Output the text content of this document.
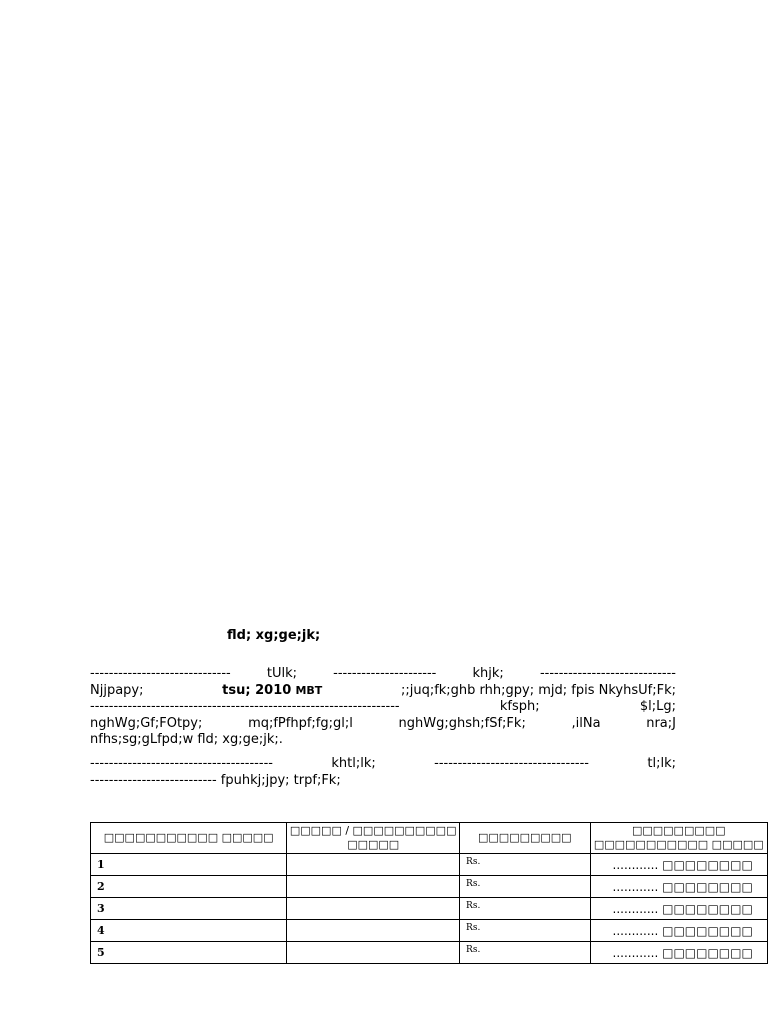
fld; xg;ge;jk;
------------------------------	tUlk;	----------------------	khjk;	-----------------------------
Njjpapy;	tsu; 2010 MBT	;;juq;fk;ghb rhh;gpy; mjd; fpis NkyhsUf;Fk;
------------------------------------------------------------------	kfsph;	$l;Lg;
nghWg;Gf;FOtpy;	mq;fPfhpf;fg;gl;l	nghWg;ghsh;fSf;Fk;	,ilNa	nra;J
nfhs;sg;gLfpd;w fld; xg;ge;jk;.
---------------------------------------	khtl;lk;	---------------------------------	tl;lk;
--------------------------- fpuhkj;jpy; trpf;Fk;
□□□□□□□□□□□ □□□□□	□□□□□ / □□□□□□□□□□ □□□□□	□□□□□□□□□	□□□□□□□□□ □□□□□□□□□□□ □□□□□
1		Rs.	............ □□□□□□□□
2		Rs.	............ □□□□□□□□
3		Rs.	............ □□□□□□□□
4		Rs.	............ □□□□□□□□
5		Rs.	............ □□□□□□□□
